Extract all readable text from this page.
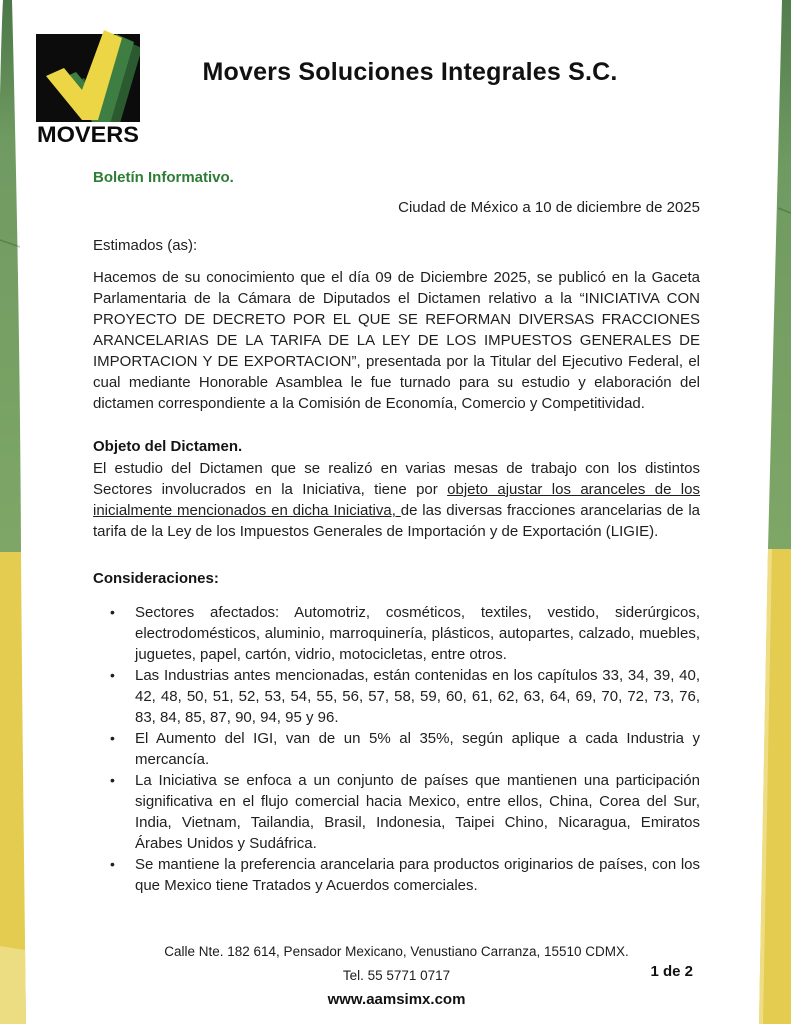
MOVERS
Movers Soluciones Integrales S.C.
Boletín Informativo.
Ciudad de México a 10 de diciembre de 2025
Estimados (as):
Hacemos de su conocimiento que el día 09 de Diciembre 2025, se publicó en la Gaceta Parlamentaria de la Cámara de Diputados el Dictamen relativo a la “INICIATIVA CON PROYECTO DE DECRETO POR EL QUE SE REFORMAN DIVERSAS FRACCIONES ARANCELARIAS DE LA TARIFA DE LA LEY DE LOS IMPUESTOS GENERALES DE IMPORTACION Y DE EXPORTACION”, presentada por la Titular del Ejecutivo Federal, el cual mediante Honorable Asamblea le fue turnado para su estudio y elaboración del dictamen correspondiente a la Comisión de Economía, Comercio y Competitividad.
Objeto del Dictamen.
El estudio del Dictamen que se realizó en varias mesas de trabajo con los distintos Sectores involucrados en la Iniciativa, tiene por objeto ajustar los aranceles de los inicialmente mencionados en dicha Iniciativa, de las diversas fracciones arancelarias de la tarifa de la Ley de los Impuestos Generales de Importación y de Exportación (LIGIE).
Consideraciones:
• Sectores afectados: Automotriz, cosméticos, textiles, vestido, siderúrgicos, electrodomésticos, aluminio, marroquinería, plásticos, autopartes, calzado, muebles, juguetes, papel, cartón, vidrio, motocicletas, entre otros.
• Las Industrias antes mencionadas, están contenidas en los capítulos 33, 34, 39, 40, 42, 48, 50, 51, 52, 53, 54, 55, 56, 57, 58, 59, 60, 61, 62, 63, 64, 69, 70, 72, 73, 76, 83, 84, 85, 87, 90, 94, 95 y 96.
• El Aumento del IGI, van de un 5% al 35%, según aplique a cada Industria y mercancía.
• La Iniciativa se enfoca a un conjunto de países que mantienen una participación significativa en el flujo comercial hacia Mexico, entre ellos, China, Corea del Sur, India, Vietnam, Tailandia, Brasil, Indonesia, Taipei Chino, Nicaragua, Emiratos Árabes Unidos y Sudáfrica.
• Se mantiene la preferencia arancelaria para productos originarios de países, con los que Mexico tiene Tratados y Acuerdos comerciales.
Calle Nte. 182 614, Pensador Mexicano, Venustiano Carranza, 15510 CDMX.
Tel. 55 5771 0717
www.aamsimx.com
1 de 2
